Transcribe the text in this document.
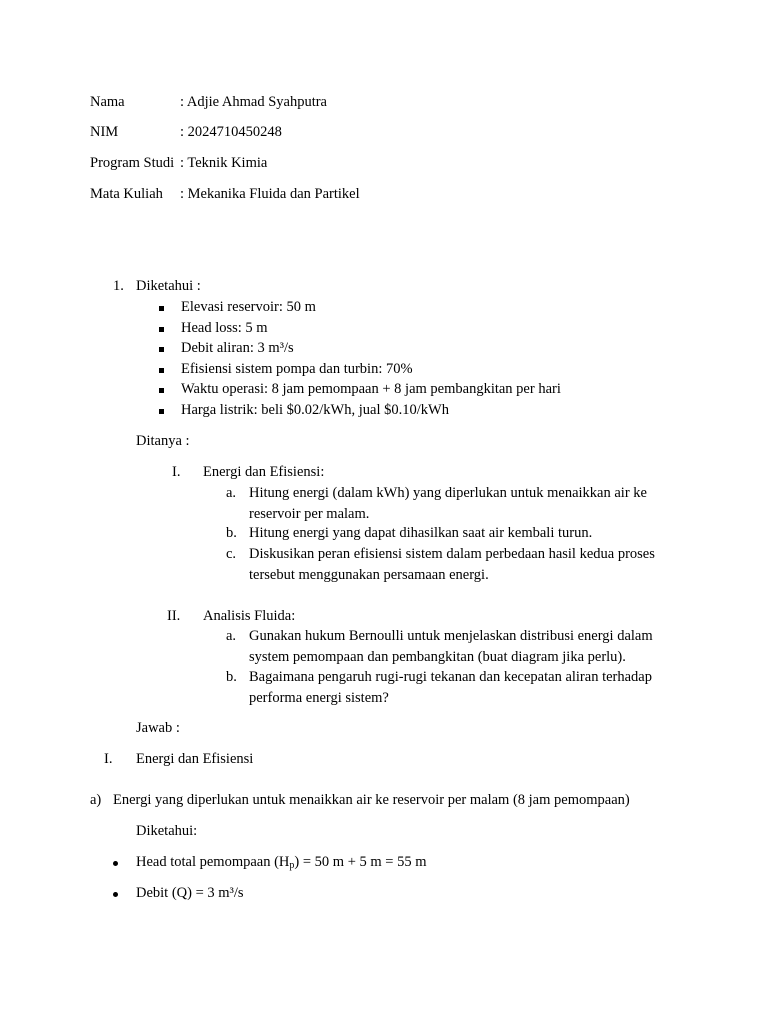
Nama	: Adjie Ahmad Syahputra
NIM	: 2024710450248
Program Studi : Teknik Kimia
Mata Kuliah : Mekanika Fluida dan Partikel
1. Diketahui :
Elevasi reservoir: 50 m
Head loss: 5 m
Debit aliran: 3 m³/s
Efisiensi sistem pompa dan turbin: 70%
Waktu operasi: 8 jam pemompaan + 8 jam pembangkitan per hari
Harga listrik: beli $0.02/kWh, jual $0.10/kWh
Ditanya :
I. Energi dan Efisiensi:
a. Hitung energi (dalam kWh) yang diperlukan untuk menaikkan air ke reservoir per malam.
b. Hitung energi yang dapat dihasilkan saat air kembali turun.
c. Diskusikan peran efisiensi sistem dalam perbedaan hasil kedua proses tersebut menggunakan persamaan energi.
II. Analisis Fluida:
a. Gunakan hukum Bernoulli untuk menjelaskan distribusi energi dalam system pemompaan dan pembangkitan (buat diagram jika perlu).
b. Bagaimana pengaruh rugi-rugi tekanan dan kecepatan aliran terhadap performa energi sistem?
Jawab :
I. Energi dan Efisiensi
a) Energi yang diperlukan untuk menaikkan air ke reservoir per malam (8 jam pemompaan)
Diketahui:
Head total pemompaan $(H_p) = 50$ m + 5 m = 55 m
Debit (Q) = 3 m³/s
